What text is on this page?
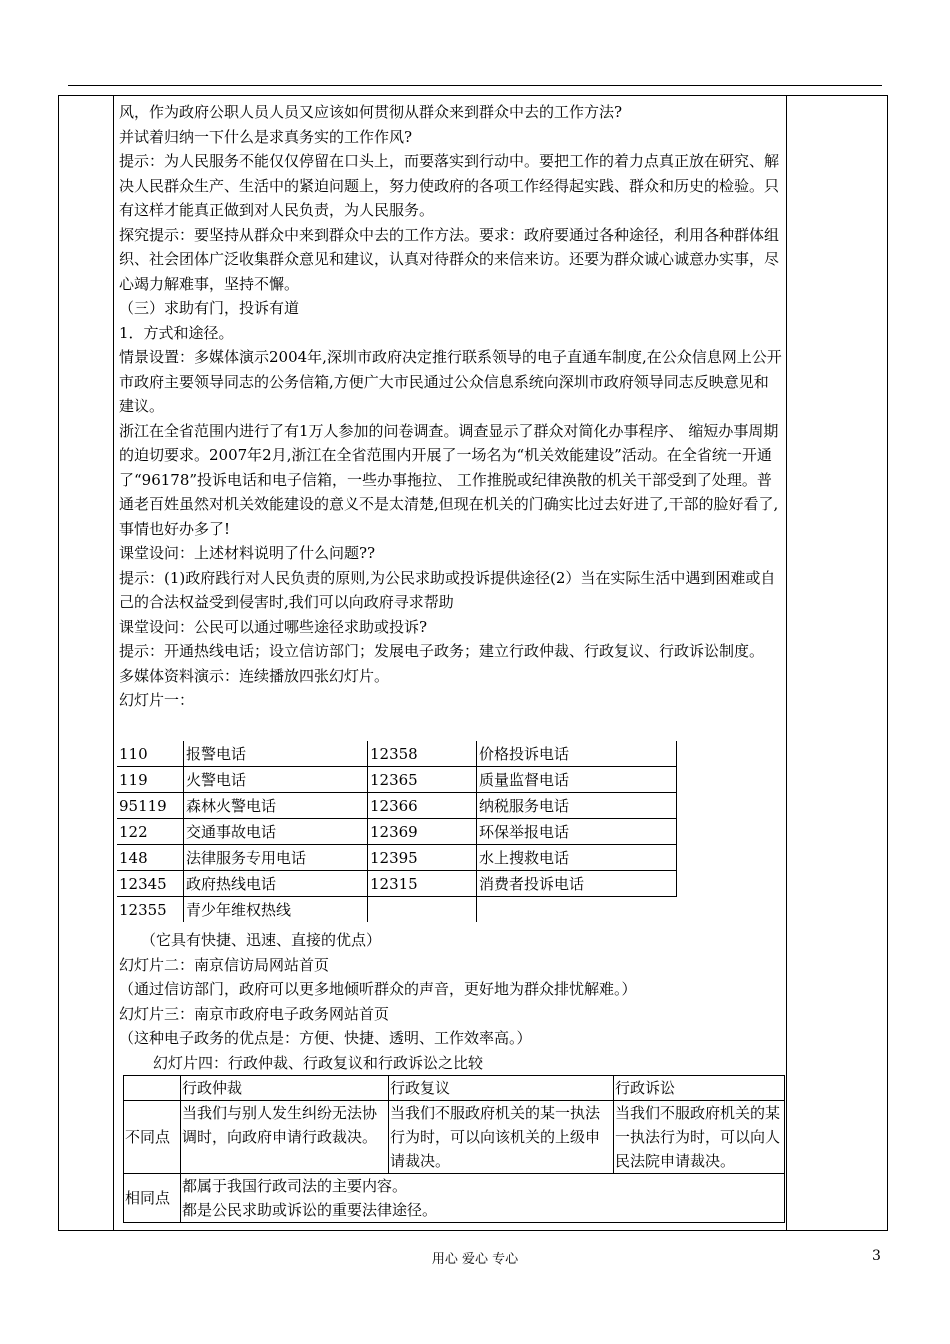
风，作为政府公职人员人员又应该如何贯彻从群众来到群众中去的工作方法?

并试着归纳一下什么是求真务实的工作作风?

提示：为人民服务不能仅仅停留在口头上，而要落实到行动中。要把工作的着力点真正放在研究、解决人民群众生产、生活中的紧迫问题上，努力使政府的各项工作经得起实践、群众和历史的检验。只有这样才能真正做到对人民负责，为人民服务。

探究提示：要坚持从群众中来到群众中去的工作方法。要求：政府要通过各种途径，利用各种群体组织、社会团体广泛收集群众意见和建议，认真对待群众的来信来访。还要为群众诚心诚意办实事，尽心竭力解难事，坚持不懈。

（三）求助有门，投诉有道

1．方式和途径。

情景设置：多媒体演示2004年,深圳市政府决定推行联系领导的电子直通车制度,在公众信息网上公开市政府主要领导同志的公务信箱,方便广大市民通过公众信息系统向深圳市政府领导同志反映意见和建议。

浙江在全省范围内进行了有1万人参加的问卷调查。调查显示了群众对简化办事程序、 缩短办事周期的迫切要求。2007年2月,浙江在全省范围内开展了一场名为“机关效能建设”活动。在全省统一开通了“96178”投诉电话和电子信箱，一些办事拖拉、 工作推脱或纪律涣散的机关干部受到了处理。普通老百姓虽然对机关效能建设的意义不是太清楚,但现在机关的门确实比过去好进了,干部的脸好看了,事情也好办多了!

课堂设问：上述材料说明了什么问题??

提示：(1)政府践行对人民负责的原则,为公民求助或投诉提供途径(2）当在实际生活中遇到困难或自己的合法权益受到侵害时,我们可以向政府寻求帮助

课堂设问：公民可以通过哪些途径求助或投诉?

提示：开通热线电话；设立信访部门；发展电子政务；建立行政仲裁、行政复议、行政诉讼制度。

多媒体资料演示：连续播放四张幻灯片。

幻灯片一：

110	报警电话	12358	价格投诉电话
119	火警电话	12365	质量监督电话
95119	森林火警电话	12366	纳税服务电话
122	交通事故电话	12369	环保举报电话
148	法律服务专用电话	12395	水上搜救电话
12345	政府热线电话	12315	消费者投诉电话
12355	青少年维权热线		

（它具有快捷、迅速、直接的优点）

幻灯片二：南京信访局网站首页

（通过信访部门，政府可以更多地倾听群众的声音，更好地为群众排忧解难。）

幻灯片三：南京市政府电子政务网站首页

（这种电子政务的优点是：方便、快捷、透明、工作效率高。）

幻灯片四：行政仲裁、行政复议和行政诉讼之比较

	行政仲裁	行政复议	行政诉讼
不同点	当我们与别人发生纠纷无法协调时，向政府申请行政裁决。	当我们不服政府机关的某一执法行为时，可以向该机关的上级申请裁决。	当我们不服政府机关的某一执法行为时，可以向人民法院申请裁决。
相同点	都属于我国行政司法的主要内容。
都是公民求助或诉讼的重要法律途径。		
用心 爱心 专心	3
